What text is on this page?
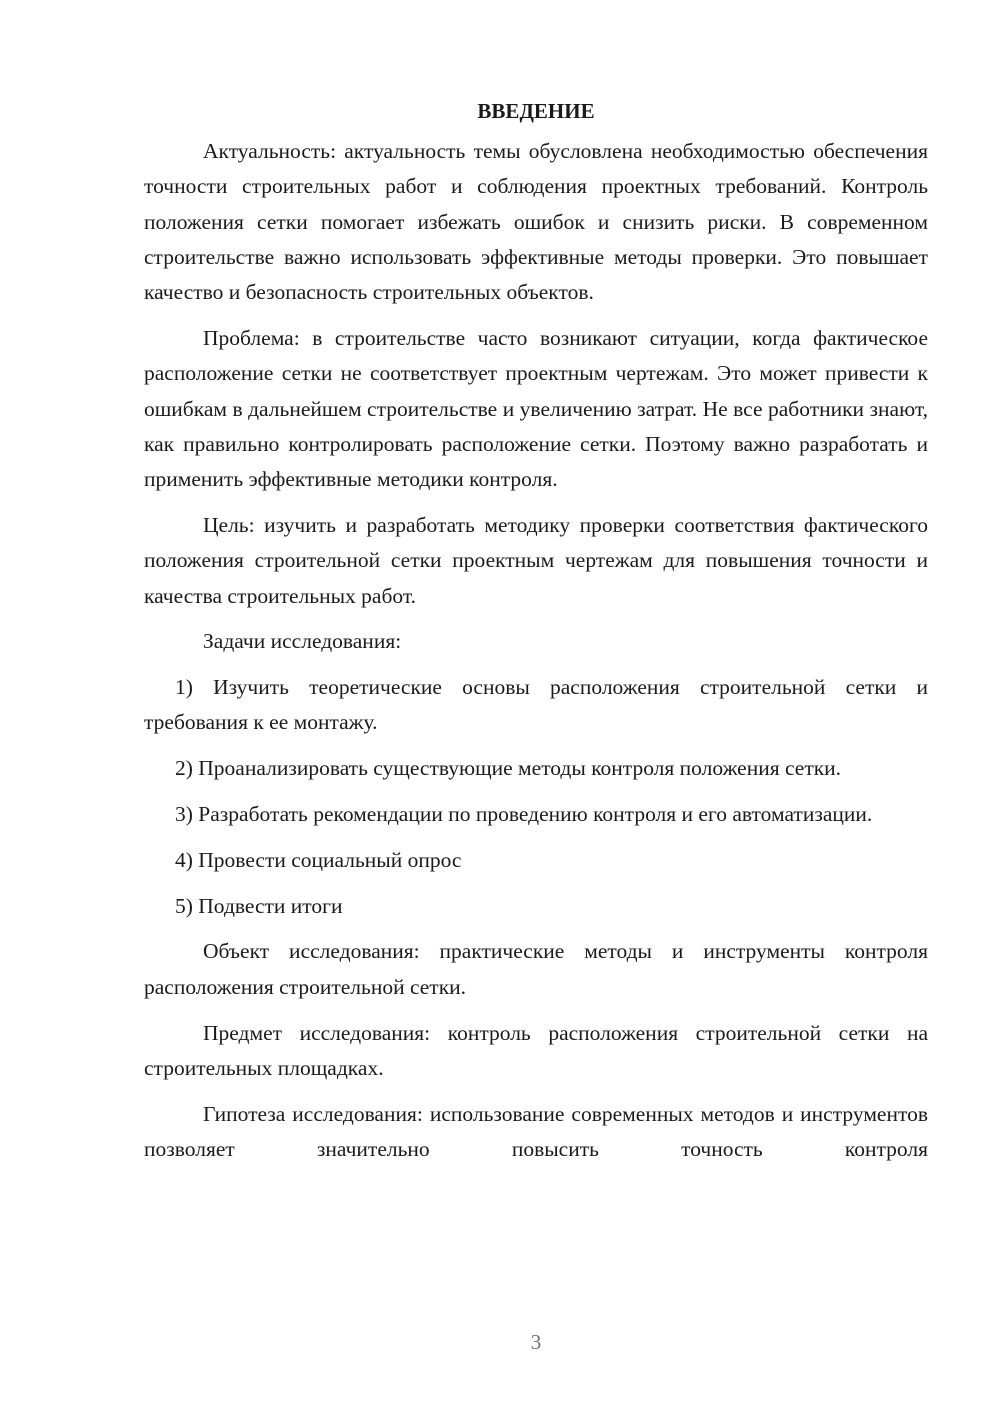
ВВЕДЕНИЕ

Актуальность: актуальность темы обусловлена необходимостью обеспечения точности строительных работ и соблюдения проектных требований. Контроль положения сетки помогает избежать ошибок и снизить риски. В современном строительстве важно использовать эффективные методы проверки. Это повышает качество и безопасность строительных объектов.

Проблема: в строительстве часто возникают ситуации, когда фактическое расположение сетки не соответствует проектным чертежам. Это может привести к ошибкам в дальнейшем строительстве и увеличению затрат. Не все работники знают, как правильно контролировать расположение сетки. Поэтому важно разработать и применить эффективные методики контроля.

Цель: изучить и разработать методику проверки соответствия фактического положения строительной сетки проектным чертежам для повышения точности и качества строительных работ.

Задачи исследования:

1) Изучить теоретические основы расположения строительной сетки и требования к ее монтажу.

2) Проанализировать существующие методы контроля положения сетки.

3) Разработать рекомендации по проведению контроля и его автоматизации.

4) Провести социальный опрос

5) Подвести итоги

Объект исследования: практические методы и инструменты контроля расположения строительной сетки.

Предмет исследования: контроль расположения строительной сетки на строительных площадках.

Гипотеза исследования: использование современных методов и инструментов позволяет значительно повысить точность контроля

3
